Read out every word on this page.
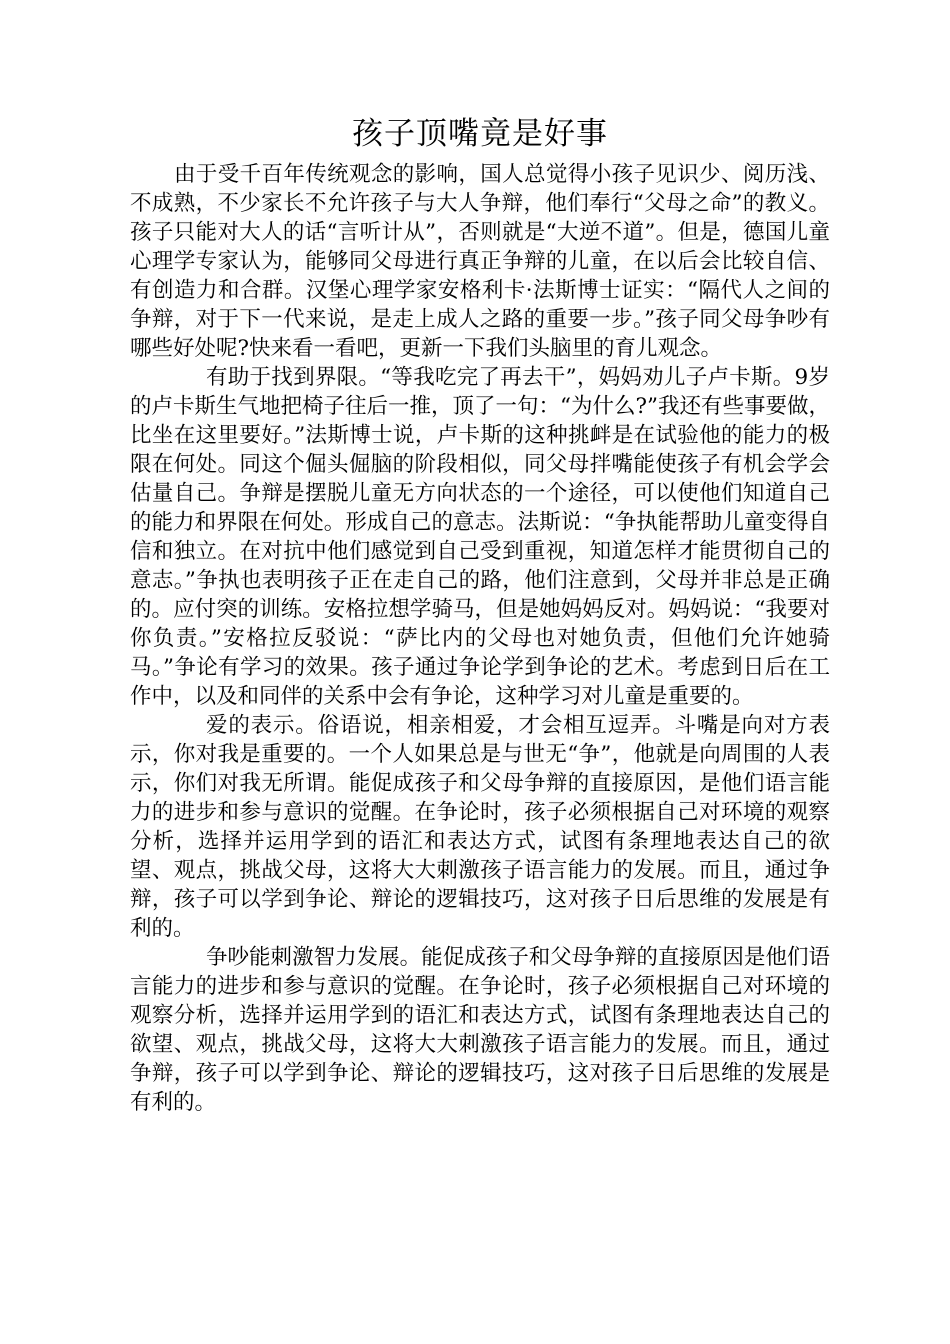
孩子顶嘴竟是好事

由于受千百年传统观念的影响，国人总觉得小孩子见识少、阅历浅、不成熟，不少家长不允许孩子与大人争辩，他们奉行“父母之命”的教义。孩子只能对大人的话“言听计从”，否则就是“大逆不道”。但是，德国儿童心理学专家认为，能够同父母进行真正争辩的儿童，在以后会比较自信、有创造力和合群。汉堡心理学家安格利卡·法斯博士证实：“隔代人之间的争辩，对于下一代来说，是走上成人之路的重要一步。”孩子同父母争吵有哪些好处呢?快来看一看吧，更新一下我们头脑里的育儿观念。

有助于找到界限。“等我吃完了再去干”，妈妈劝儿子卢卡斯。9岁的卢卡斯生气地把椅子往后一推，顶了一句：“为什么?”我还有些事要做，比坐在这里要好。”法斯博士说，卢卡斯的这种挑衅是在试验他的能力的极限在何处。同这个倔头倔脑的阶段相似，同父母拌嘴能使孩子有机会学会估量自己。争辩是摆脱儿童无方向状态的一个途径，可以使他们知道自己的能力和界限在何处。形成自己的意志。法斯说：“争执能帮助儿童变得自信和独立。在对抗中他们感觉到自己受到重视，知道怎样才能贯彻自己的意志。”争执也表明孩子正在走自己的路，他们注意到，父母并非总是正确的。应付突的训练。安格拉想学骑马，但是她妈妈反对。妈妈说：“我要对你负责。”安格拉反驳说：“萨比内的父母也对她负责，但他们允许她骑马。”争论有学习的效果。孩子通过争论学到争论的艺术。考虑到日后在工作中，以及和同伴的关系中会有争论，这种学习对儿童是重要的。

爱的表示。俗语说，相亲相爱，才会相互逗弄。斗嘴是向对方表示，你对我是重要的。一个人如果总是与世无“争”，他就是向周围的人表示，你们对我无所谓。能促成孩子和父母争辩的直接原因，是他们语言能力的进步和参与意识的觉醒。在争论时，孩子必须根据自己对环境的观察分析，选择并运用学到的语汇和表达方式，试图有条理地表达自己的欲望、观点，挑战父母，这将大大刺激孩子语言能力的发展。而且，通过争辩，孩子可以学到争论、辩论的逻辑技巧，这对孩子日后思维的发展是有利的。

争吵能刺激智力发展。能促成孩子和父母争辩的直接原因是他们语言能力的进步和参与意识的觉醒。在争论时，孩子必须根据自己对环境的观察分析，选择并运用学到的语汇和表达方式，试图有条理地表达自己的欲望、观点，挑战父母，这将大大刺激孩子语言能力的发展。而且，通过争辩，孩子可以学到争论、辩论的逻辑技巧，这对孩子日后思维的发展是有利的。
